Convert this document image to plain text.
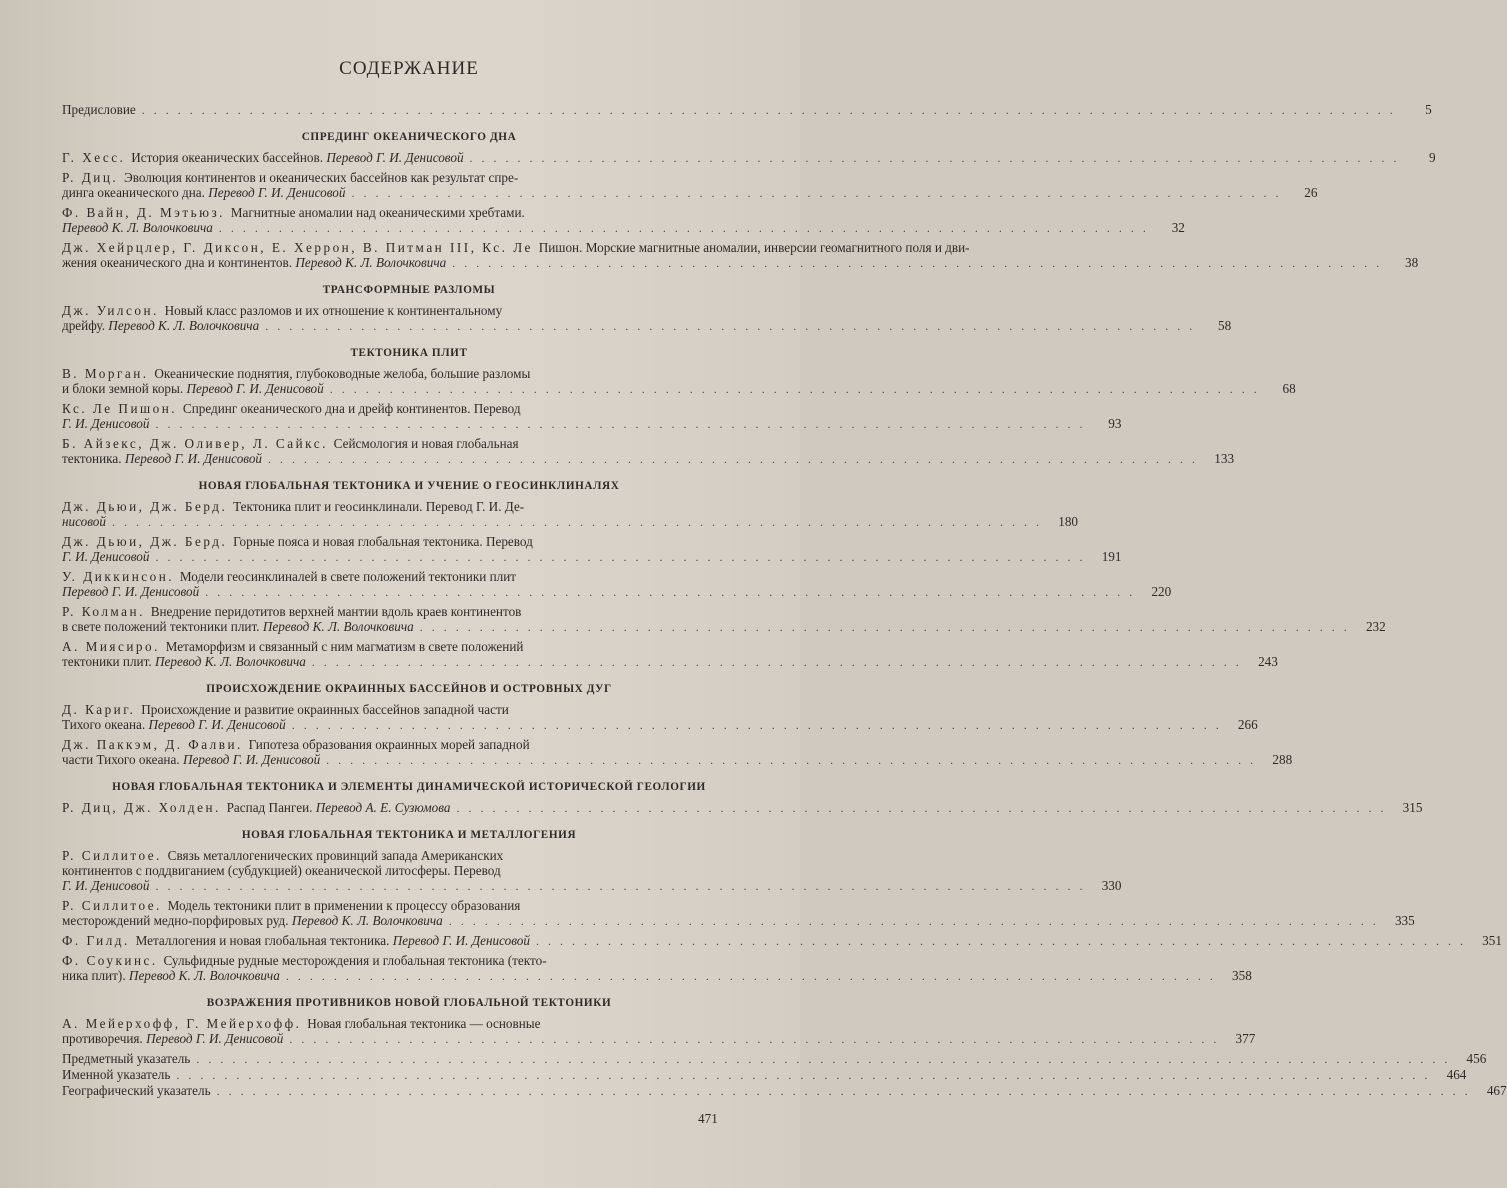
СОДЕРЖАНИЕ
Предисловие . . .	5
СПРЕДИНГ ОКЕАНИЧЕСКОГО ДНА
Г. Хесс. История океанических бассейнов. Перевод Г. И. Денисовой . . .	9
Р. Диц. Эволюция континентов и океанических бассейнов как результат спре-
динга океанического дна. Перевод Г. И. Денисовой . . .	26
Ф. Вайн, Д. Мэтьюз. Магнитные аномалии над океаническими хребтами.
Перевод К. Л. Волочковича . . .	32
Дж. Хейрцлер, Г. Диксон, Е. Херрон, В. Питман III, Кс. Ле Пишон. Морские магнитные аномалии, инверсии геомагнитного поля и дви-
жения океанического дна и континентов. Перевод К. Л. Волочковича . . .	38
ТРАНСФОРМНЫЕ РАЗЛОМЫ
Дж. Уилсон. Новый класс разломов и их отношение к континентальному
дрейфу. Перевод К. Л. Волочковича . . .	58
ТЕКТОНИКА ПЛИТ
В. Морган. Океанические поднятия, глубоководные желоба, большие разломы
и блоки земной коры. Перевод Г. И. Денисовой . . .	68
Кс. Ле Пишон. Спрединг океанического дна и дрейф континентов. Перевод
Г. И. Денисовой . . .	93
Б. Айзекс, Дж. Оливер, Л. Сайкс. Сейсмология и новая глобальная
тектоника. Перевод Г. И. Денисовой . . .	133
НОВАЯ ГЛОБАЛЬНАЯ ТЕКТОНИКА И УЧЕНИЕ О ГЕОСИНКЛИНАЛЯХ
Дж. Дьюи, Дж. Берд. Тектоника плит и геосинклинали. Перевод Г. И. Де-
нисовой . . .	180
Дж. Дьюи, Дж. Берд. Горные пояса и новая глобальная тектоника. Перевод
Г. И. Денисовой . . .	191
У. Диккинсон. Модели геосинклиналей в свете положений тектоники плит
Перевод Г. И. Денисовой . . .	220
Р. Колман. Внедрение перидотитов верхней мантии вдоль краев континентов
в свете положений тектоники плит. Перевод К. Л. Волочковича . . .	232
А. Миясиро. Метаморфизм и связанный с ним магматизм в свете положений
тектоники плит. Перевод К. Л. Волочковича . . .	243
ПРОИСХОЖДЕНИЕ ОКРАИННЫХ БАССЕЙНОВ И ОСТРОВНЫХ ДУГ
Д. Кариг. Происхождение и развитие окраинных бассейнов западной части
Тихого океана. Перевод Г. И. Денисовой . . .	266
Дж. Паккэм, Д. Фалви. Гипотеза образования окраинных морей западной
части Тихого океана. Перевод Г. И. Денисовой . . .	288
НОВАЯ ГЛОБАЛЬНАЯ ТЕКТОНИКА И ЭЛЕМЕНТЫ ДИНАМИЧЕСКОЙ ИСТОРИЧЕСКОЙ ГЕОЛОГИИ
Р. Диц, Дж. Холден. Распад Пангеи. Перевод А. Е. Сузюмова . . .	315
НОВАЯ ГЛОБАЛЬНАЯ ТЕКТОНИКА И МЕТАЛЛОГЕНИЯ
Р. Силлитое. Связь металлогенических провинций запада Американских
континентов с поддвиганием (субдукцией) океанической литосферы. Перевод
Г. И. Денисовой . . .	330
Р. Силлитое. Модель тектоники плит в применении к процессу образования
месторождений медно-порфировых руд. Перевод К. Л. Волочковича . . .	335
Ф. Гилд. Металлогения и новая глобальная тектоника. Перевод Г. И. Денисовой . . .	351
Ф. Соукинс. Сульфидные рудные месторождения и глобальная тектоника (текто-
ника плит). Перевод К. Л. Волочковича . . .	358
ВОЗРАЖЕНИЯ ПРОТИВНИКОВ НОВОЙ ГЛОБАЛЬНОЙ ТЕКТОНИКИ
А. Мейерхофф, Г. Мейерхофф. Новая глобальная тектоника — основные
противоречия. Перевод Г. И. Денисовой . . .	377
Предметный указатель . . .	456
Именной указатель . . .	464
Географический указатель . . .	467
471
